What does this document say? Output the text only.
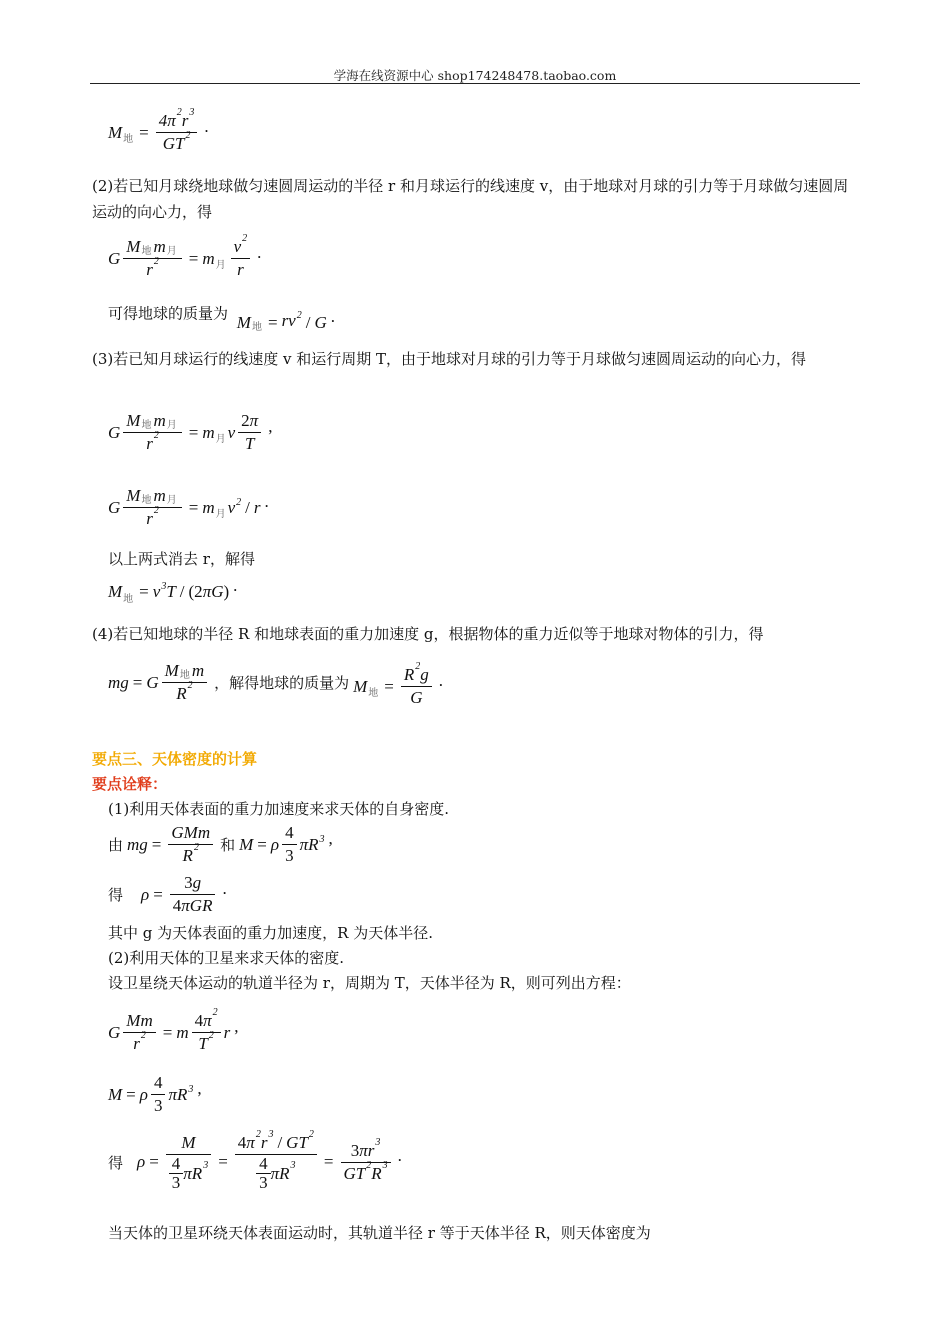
学海在线资源中心 shop174248478.taobao.com
M 地 = $\frac{4\pi 2 r 3}{GT 2}$ .
(2)若已知月球绕地球做匀速圆周运动的半径 r 和月球运行的线速度 v，由于地球对月球的引力等于月球做匀速圆周运动的向心力，得
G $\frac{\text{M 地 m 月}}{r 2} = m$ 月 $\frac{v 2}{r}$ .
可得地球的质量为 M 地 = $rv^2$ / G .
(3)若已知月球运行的线速度 v 和运行周期 T，由于地球对月球的引力等于月球做匀速圆周运动的向心力，得
G $\frac{\text{M 地 m 月}}{r 2} = m$ 月 v $\frac{2 \pi}{T}$ ,
G $\frac{\text{M 地 m 月}}{r 2} = m$ 月 $v^2$ / r .
以上两式消去 r，解得
M 地 = $v^3T / (2$ πG ) .
(4)若已知地球的半径 R 和地球表面的重力加速度 g，根据物体的重力近似等于地球对物体的引力，得
mg = G $\frac{\text{M 地 m}}{R 2}$ ，解得地球的质量为 M 地 = $\frac{R 2 g}{G}$ .
要点三、天体密度的计算
要点诠释：
(1)利用天体表面的重力加速度来求天体的自身密度.
由 mg = $\frac{\text{GMm}}{R 2}$ 和 M = ρ $\frac{4}{3} \pi R^3$ ,
得 $\rho = \frac{3 g}{\text{4 πGR}}$ .
其中 g 为天体表面的重力加速度，R 为天体半径.
(2)利用天体的卫星来求天体的密度.
设卫星绕天体运动的轨道半径为 r，周期为 T，天体半径为 R，则可列出方程：
G $\frac{Mm}{r 2} = m \frac{4 \pi 2}{T 2}$ r ,
M = ρ $\frac{4}{3} \pi R^3$ ,
得 $\rho = \frac{M}{\frac{4}{3} \pi R 3} = \frac{4 \pi 2 r 3 / GT 2}{\frac{4}{3} \pi R 3} = \frac{3 \pi r 3}{GT 2 R 3}$ .
当天体的卫星环绕天体表面运动时，其轨道半径 r 等于天体半径 R，则天体密度为
